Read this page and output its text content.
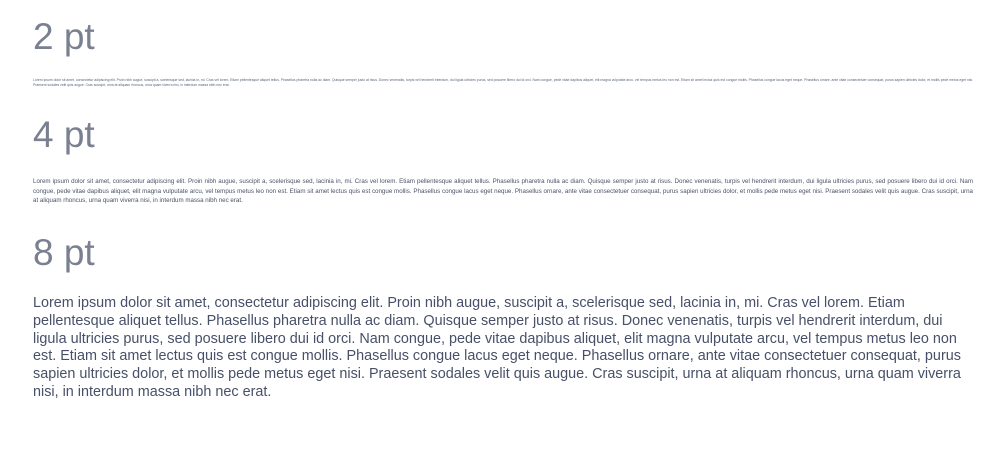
2 pt

Lorem ipsum dolor sit amet, consectetur adipiscing elit. Proin nibh augue, suscipit a, scelerisque sed, lacinia in, mi. Cras vel lorem. Etiam pellentesque aliquet tellus. Phasellus pharetra nulla ac diam. Quisque semper justo at risus. Donec venenatis, turpis vel hendrerit interdum, dui ligula ultricies purus, sed posuere libero dui id orci. Nam congue, pede vitae dapibus aliquet, elit magna vulputate arcu, vel tempus metus leo non est. Etiam sit amet lectus quis est congue mollis. Phasellus congue lacus eget neque. Phasellus ornare, ante vitae consectetuer consequat, purus sapien ultricies dolor, et mollis pede metus eget nisi. Praesent sodales velit quis augue. Cras suscipit, urna at aliquam rhoncus, urna quam viverra nisi, in interdum massa nibh nec erat.

4 pt

Lorem ipsum dolor sit amet, consectetur adipiscing elit. Proin nibh augue, suscipit a, scelerisque sed, lacinia in, mi. Cras vel lorem. Etiam pellentesque aliquet tellus. Phasellus pharetra nulla ac diam. Quisque semper justo at risus. Donec venenatis, turpis vel hendrerit interdum, dui ligula ultricies purus, sed posuere libero dui id orci. Nam congue, pede vitae dapibus aliquet, elit magna vulputate arcu, vel tempus metus leo non est. Etiam sit amet lectus quis est congue mollis. Phasellus congue lacus eget neque. Phasellus ornare, ante vitae consectetuer consequat, purus sapien ultricies dolor, et mollis pede metus eget nisi. Praesent sodales velit quis augue. Cras suscipit, urna at aliquam rhoncus, urna quam viverra nisi, in interdum massa nibh nec erat.

8 pt

Lorem ipsum dolor sit amet, consectetur adipiscing elit. Proin nibh augue, suscipit a, scelerisque sed, lacinia in, mi. Cras vel lorem. Etiam pellentesque aliquet tellus. Phasellus pharetra nulla ac diam. Quisque semper justo at risus. Donec venenatis, turpis vel hendrerit interdum, dui ligula ultricies purus, sed posuere libero dui id orci. Nam congue, pede vitae dapibus aliquet, elit magna vulputate arcu, vel tempus metus leo non est. Etiam sit amet lectus quis est congue mollis. Phasellus congue lacus eget neque. Phasellus ornare, ante vitae consectetuer consequat, purus sapien ultricies dolor, et mollis pede metus eget nisi. Praesent sodales velit quis augue. Cras suscipit, urna at aliquam rhoncus, urna quam viverra nisi, in interdum massa nibh nec erat.
